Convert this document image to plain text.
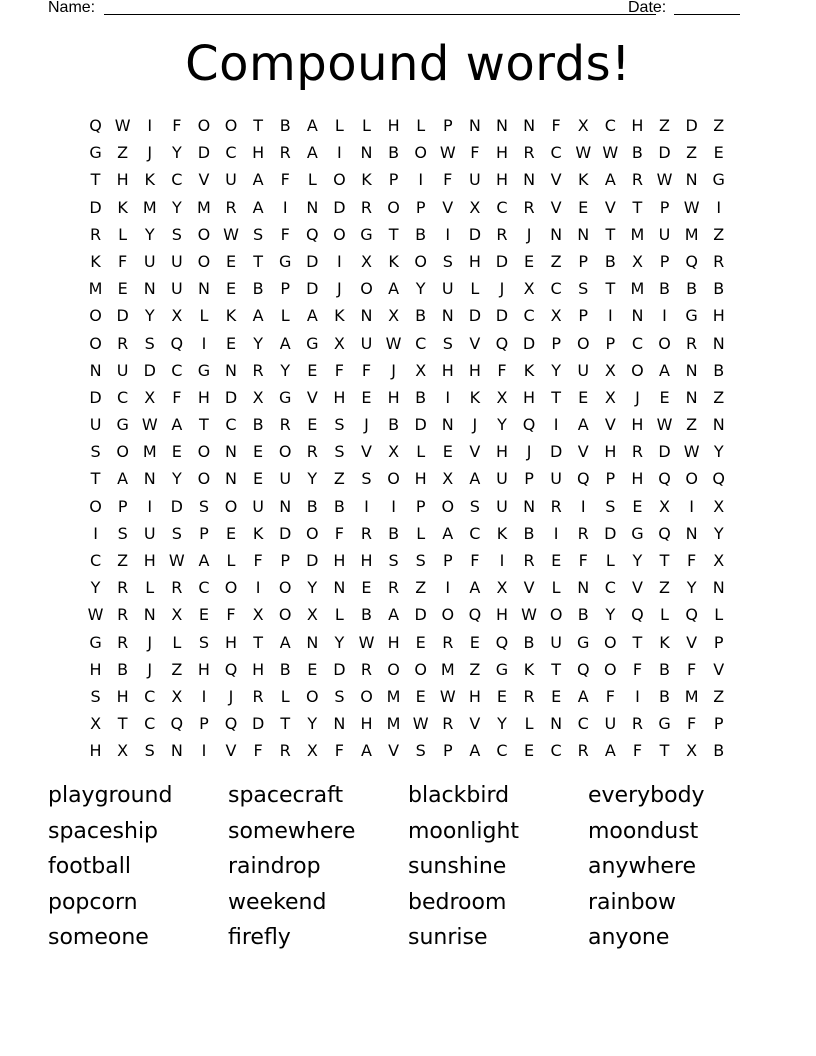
Name:	Date:
Compound words!
Q W	I	F	O O T	B	A	L	L	H	L	P	N N N	F	X	C H Z D Z
G Z	J	Y	D C H R	A	I	N B O W F	H R C W W B D Z	E
T	H K	C	V U A	F	L	O K	P	I	F	U H N V	K	A	R W N G
D K M Y M R	A	I	N D R O P	V	X	C R	V	E	V	T	P W	I
R	L	Y	S O W S	F	Q O G	T	B	I	D R	J	N N	T M U M Z
K	F	U U O E	T	G D	I	X	K O S	H D E	Z	P	B	X	P Q R
M E	N U N	E	B	P	D	J	O A	Y	U	L	J	X	C	S	T M B	B	B
O D	Y	X	L	K	A	L	A	K N X	B N D D C	X	P	I	N	I	G H
O R	S Q	I	E	Y	A G X U W C	S	V Q D	P O P	C O R N
N U D C G N R	Y	E	F	F	J	X H H	F	K	Y	U X O A N B
D C	X	F	H D X G V H	E	H B	I	K	X H	T	E	X	J	E	N Z
U G W A	T	C	B	R	E	S	J	B D N	J	Y Q	I	A	V H W Z N
S O M E O N	E O R	S	V	X	L	E	V H	J	D V H R D W Y
T	A N	Y O N	E	U	Y	Z	S O H X	A U	P	U Q P	H Q O Q
O P	I	D S O U N B	B	I	I	P O S	U N R	I	S	E	X	I	X
I	S	U	S	P	E	K D O	F	R	B	L	A	C	K	B	I	R D G Q N	Y
C	Z H W A	L	F	P	D H H	S	S	P	F	I	R	E	F	L	Y	T	F	X
Y	R	L	R C O	I	O Y	N	E	R	Z	I	A	X	V	L	N C	V	Z	Y	N
W R N X	E	F	X O X	L	B	A D O Q H W O B	Y Q	L	Q	L
G R	J	L	S	H	T	A N	Y W H	E	R	E Q B U G O T	K	V	P
H B	J	Z H Q H B	E D R O O M Z G K	T Q O	F	B	F	V
S	H C	X	I	J	R	L	O S O M E W H	E	R	E	A	F	I	B M Z
X	T	C Q P Q D	T	Y	N H M W R	V	Y	L	N C U R G	F	P
H X	S	N	I	V	F	R	X	F	A	V	S	P	A	C	E	C R	A	F	T	X	B
playground	spacecraft	blackbird	everybody
spaceship	somewhere	moonlight	moondust
football	raindrop	sunshine	anywhere
popcorn	weekend	bedroom	rainbow
someone	firefly	sunrise	anyone
